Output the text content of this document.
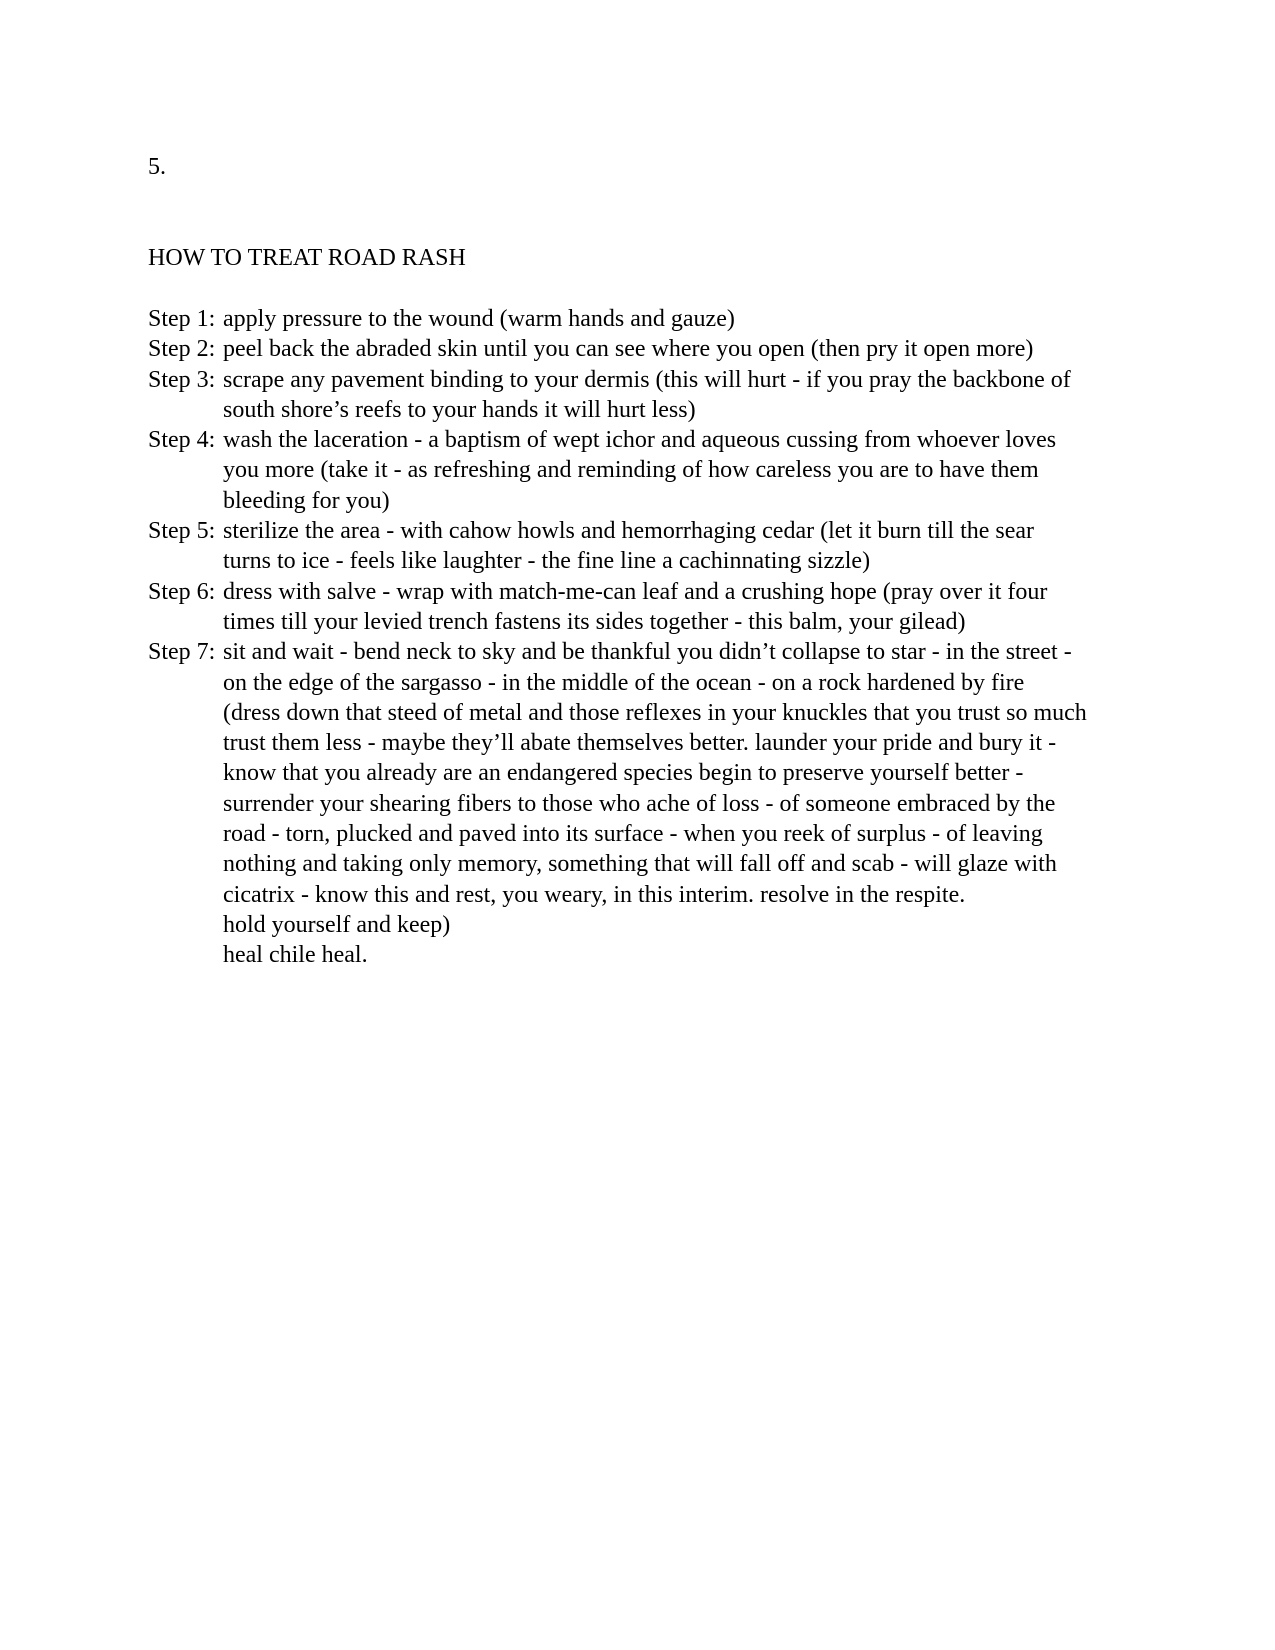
5.

HOW TO TREAT ROAD RASH
Step 1: apply pressure to the wound (warm hands and gauze)
Step 2: peel back the abraded skin until you can see where you open (then pry it open more)
Step 3: scrape any pavement binding to your dermis (this will hurt - if you pray the backbone of
south shore’s reefs to your hands it will hurt less)
Step 4: wash the laceration - a baptism of wept ichor and aqueous cussing from whoever loves
you more (take it - as refreshing and reminding of how careless you are to have them
bleeding for you)
Step 5: sterilize the area - with cahow howls and hemorrhaging cedar (let it burn till the sear
turns to ice - feels like laughter - the fine line a cachinnating sizzle)
Step 6: dress with salve - wrap with match-me-can leaf and a crushing hope (pray over it four
times till your levied trench fastens its sides together - this balm, your gilead)
Step 7: sit and wait - bend neck to sky and be thankful you didn’t collapse to star - in the street -
on the edge of the sargasso - in the middle of the ocean - on a rock hardened by fire
(dress down that steed of metal and those reflexes in your knuckles that you trust so much
trust them less - maybe they’ll abate themselves better. launder your pride and bury it -
know that you already are an endangered species begin to preserve yourself better -
surrender your shearing fibers to those who ache of loss - of someone embraced by the
road - torn, plucked and paved into its surface - when you reek of surplus - of leaving
nothing and taking only memory, something that will fall off and scab - will glaze with
cicatrix - know this and rest, you weary, in this interim. resolve in the respite.
hold yourself and keep)
heal chile heal.
